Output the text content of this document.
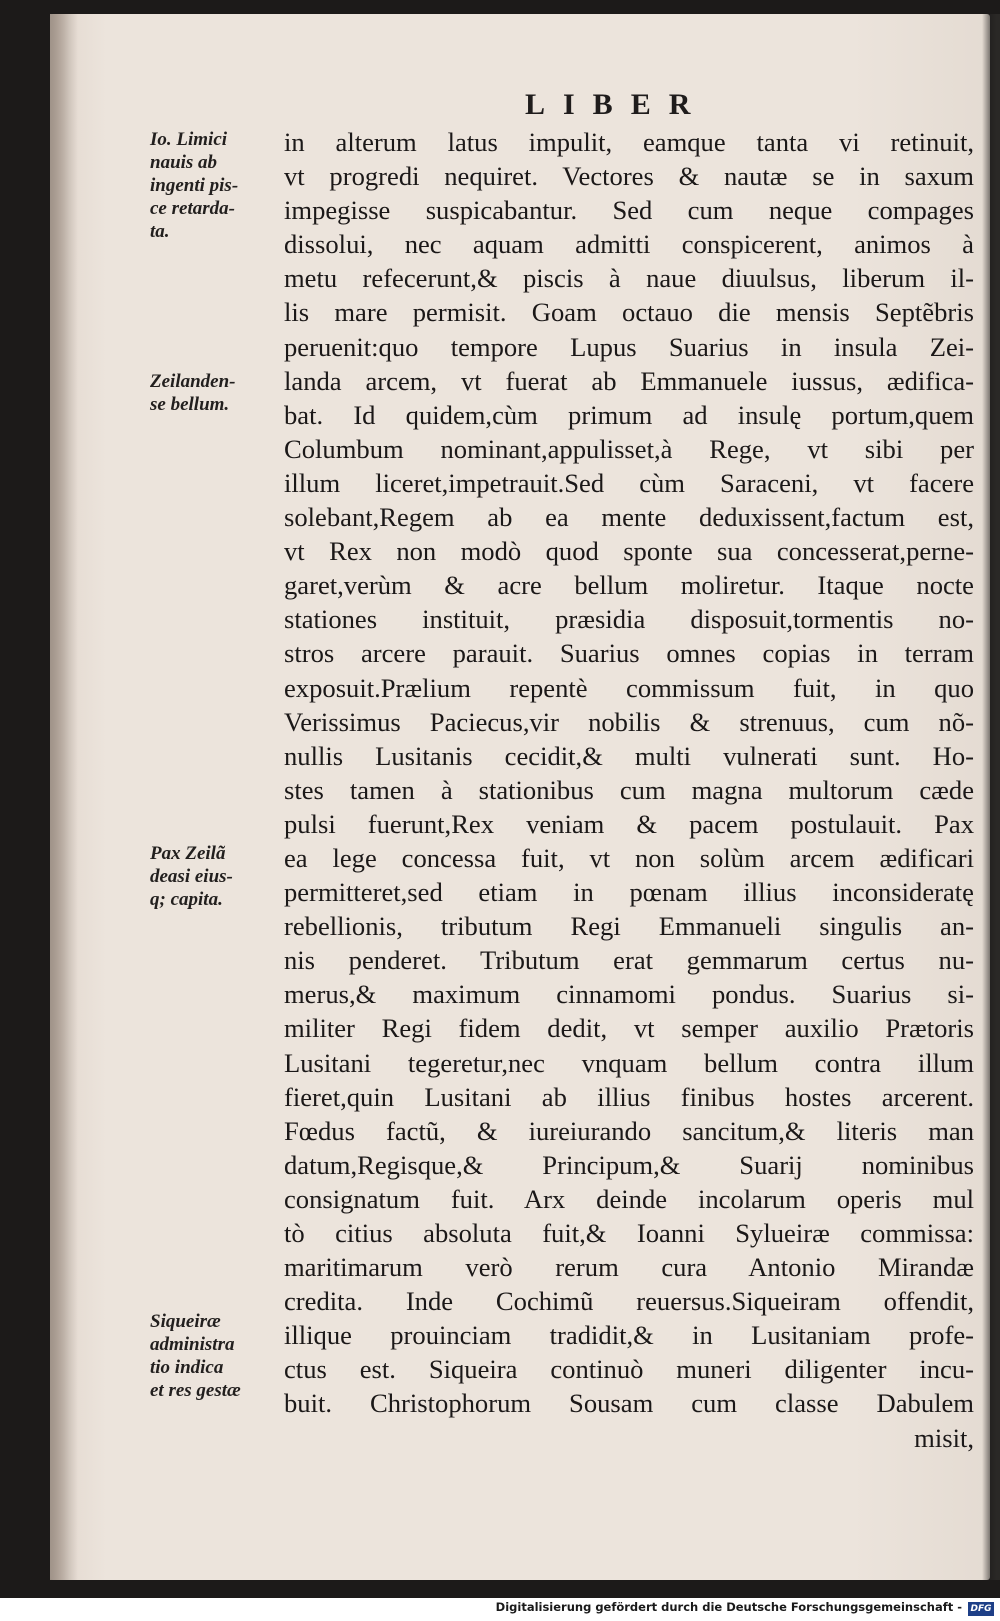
LIBER
Io. Limici
nauis ab
ingenti pis-
ce retarda-
ta.
Zeilanden-
se bellum.
Pax Zeilã
deasi eius-
q; capita.
Siqueiræ
administra
tio indica
et res gestæ
in alterum latus impulit, eamque tanta vi retinuit,
vt progredi nequiret. Vectores & nautæ se in saxum
impegisse suspicabantur. Sed cum neque compages
dissolui, nec aquam admitti conspicerent, animos à
metu refecerunt,& piscis à naue diuulsus, liberum il-
lis mare permisit. Goam octauo die mensis Septẽbris
peruenit:quo tempore Lupus Suarius in insula Zei-
landa arcem, vt fuerat ab Emmanuele iussus, ædifica-
bat. Id quidem,cùm primum ad insulę portum,quem
Columbum nominant,appulisset,à Rege, vt sibi per
illum liceret,impetrauit.Sed cùm Saraceni, vt facere
solebant,Regem ab ea mente deduxissent,factum est,
vt Rex non modò quod sponte sua concesserat,perne-
garet,verùm & acre bellum moliretur. Itaque nocte
stationes instituit, præsidia disposuit,tormentis no-
stros arcere parauit. Suarius omnes copias in terram
exposuit.Prælium repentè commissum fuit, in quo
Verissimus Paciecus,vir nobilis & strenuus, cum nõ-
nullis Lusitanis cecidit,& multi vulnerati sunt. Ho-
stes tamen à stationibus cum magna multorum cæde
pulsi fuerunt,Rex veniam & pacem postulauit. Pax
ea lege concessa fuit, vt non solùm arcem ædificari
permitteret,sed etiam in pœnam illius inconsideratę
rebellionis, tributum Regi Emmanueli singulis an-
nis penderet. Tributum erat gemmarum certus nu-
merus,& maximum cinnamomi pondus. Suarius si-
militer Regi fidem dedit, vt semper auxilio Prætoris
Lusitani tegeretur,nec vnquam bellum contra illum
fieret,quin Lusitani ab illius finibus hostes arcerent.
Fœdus factũ, & iureiurando sancitum,& literis man
datum,Regisque,& Principum,& Suarij nominibus
consignatum fuit. Arx deinde incolarum operis mul
tò citius absoluta fuit,& Ioanni Sylueiræ commissa:
maritimarum verò rerum cura Antonio Mirandæ
credita. Inde Cochimũ reuersus.Siqueiram offendit,
illique prouinciam tradidit,& in Lusitaniam profe-
ctus est. Siqueira continuò muneri diligenter incu-
buit. Christophorum Sousam cum classe Dabulem
misit,
Digitalisierung gefördert durch die Deutsche Forschungsgemeinschaft - DFG
